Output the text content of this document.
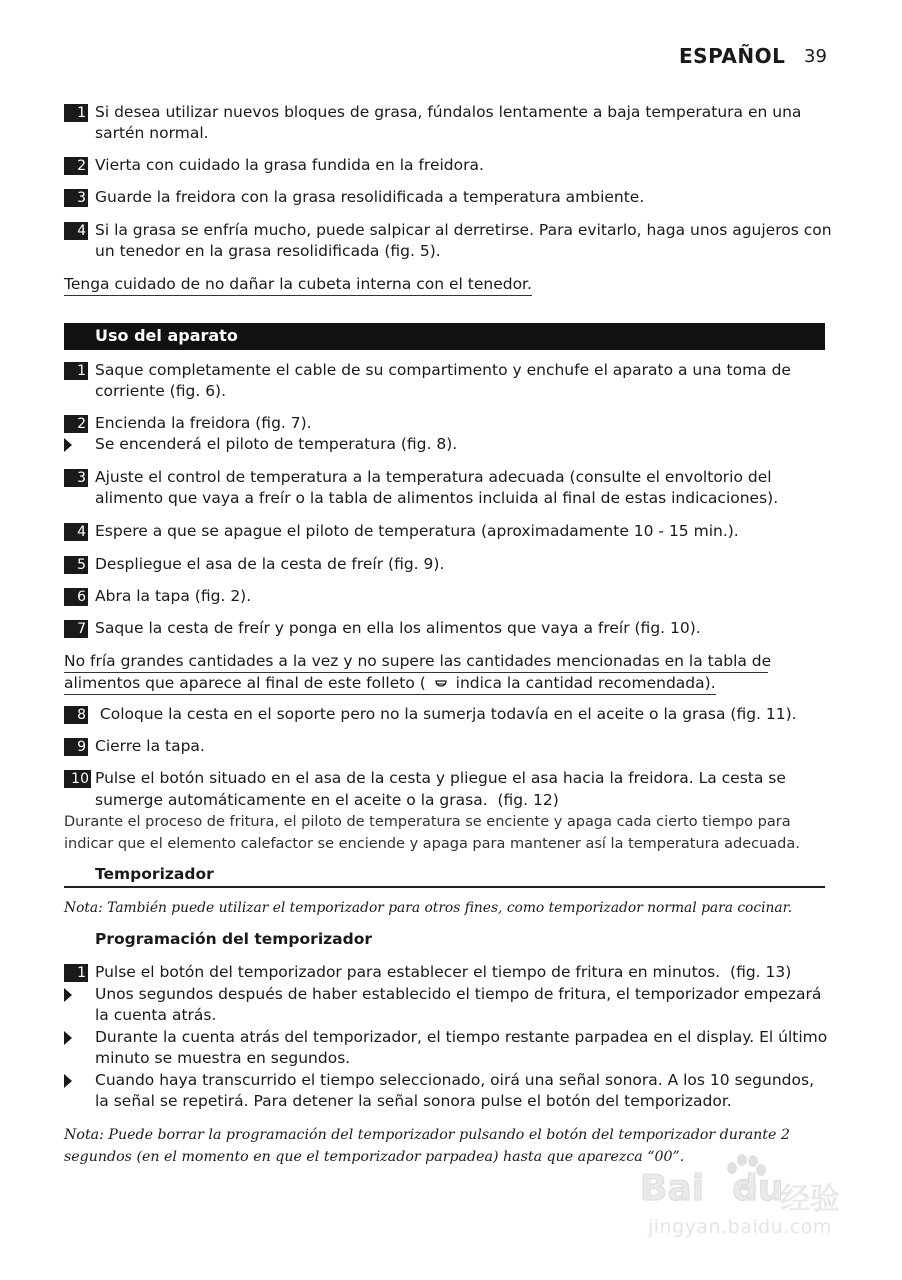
ESPAÑOL 39
1 Si desea utilizar nuevos bloques de grasa, fúndalos lentamente a baja temperatura en una
sartén normal.
2 Vierta con cuidado la grasa fundida en la freidora.
3 Guarde la freidora con la grasa resolidificada a temperatura ambiente.
4 Si la grasa se enfría mucho, puede salpicar al derretirse. Para evitarlo, haga unos agujeros con
un tenedor en la grasa resolidificada (fig. 5).
Tenga cuidado de no dañar la cubeta interna con el tenedor.
Uso del aparato
1 Saque completamente el cable de su compartimento y enchufe el aparato a una toma de
corriente (fig. 6).
2 Encienda la freidora (fig. 7).
Se encenderá el piloto de temperatura (fig. 8).
3 Ajuste el control de temperatura a la temperatura adecuada (consulte el envoltorio del
alimento que vaya a freír o la tabla de alimentos incluida al final de estas indicaciones).
4 Espere a que se apague el piloto de temperatura (aproximadamente 10 - 15 min.).
5 Despliegue el asa de la cesta de freír (fig. 9).
6 Abra la tapa (fig. 2).
7 Saque la cesta de freír y ponga en ella los alimentos que vaya a freír (fig. 10).
No fría grandes cantidades a la vez y no supere las cantidades mencionadas en la tabla de
alimentos que aparece al final de este folleto ( indica la cantidad recomendada).
8 Coloque la cesta en el soporte pero no la sumerja todavía en el aceite o la grasa (fig. 11).
9 Cierre la tapa.
10 Pulse el botón situado en el asa de la cesta y pliegue el asa hacia la freidora. La cesta se
sumerge automáticamente en el aceite o la grasa.  (fig. 12)
Durante el proceso de fritura, el piloto de temperatura se enciente y apaga cada cierto tiempo para
indicar que el elemento calefactor se enciende y apaga para mantener así la temperatura adecuada.
Temporizador
Nota: También puede utilizar el temporizador para otros fines, como temporizador normal para cocinar.
Programación del temporizador
1 Pulse el botón del temporizador para establecer el tiempo de fritura en minutos.  (fig. 13)
Unos segundos después de haber establecido el tiempo de fritura, el temporizador empezará
la cuenta atrás.
Durante la cuenta atrás del temporizador, el tiempo restante parpadea en el display. El último
minuto se muestra en segundos.
Cuando haya transcurrido el tiempo seleccionado, oirá una señal sonora. A los 10 segundos,
la señal se repetirá. Para detener la señal sonora pulse el botón del temporizador.
Nota: Puede borrar la programación del temporizador pulsando el botón del temporizador durante 2
segundos (en el momento en que el temporizador parpadea) hasta que aparezca “00”.
Bai du
经验
jingyan.baidu.com
